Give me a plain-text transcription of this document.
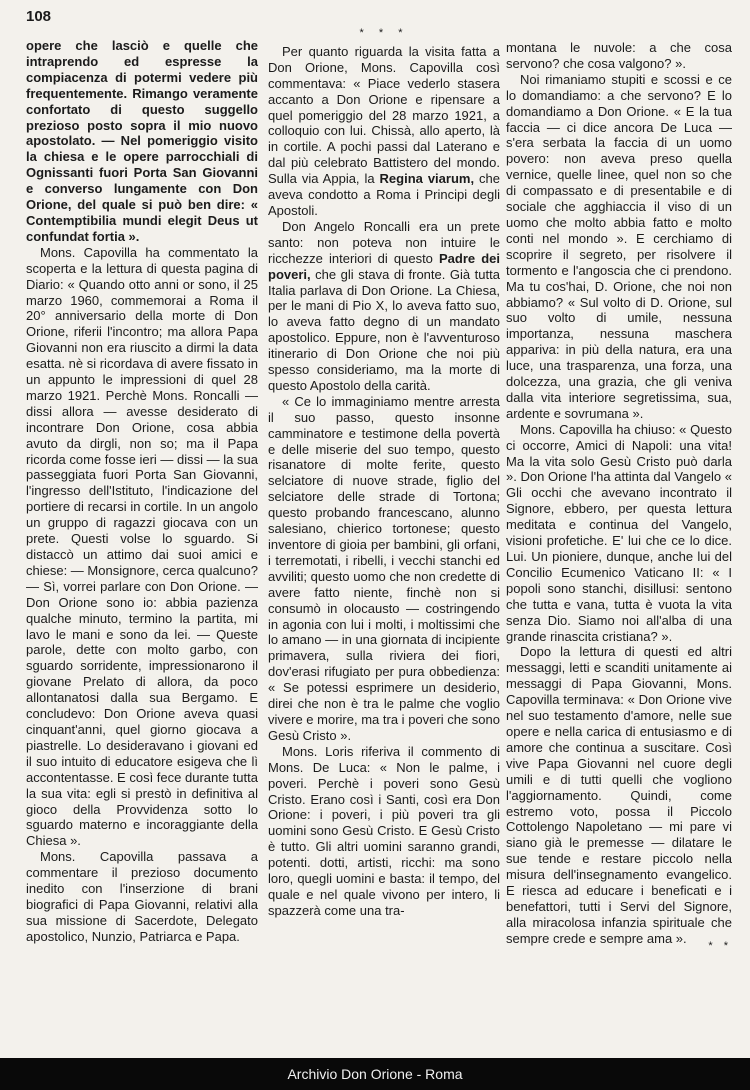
108

opere che lasciò e quelle che intraprendo ed espresse la compiacenza di potermi vedere più frequentemente. Rimango veramente confortato di questo suggello prezioso posto sopra il mio nuovo apostolato. — Nel pomeriggio visito la chiesa e le opere parrocchiali di Ognissanti fuori Porta San Giovanni e converso lungamente con Don Orione, del quale si può ben dire: « Contemptibilia mundi elegit Deus ut confundat fortia ».

Mons. Capovilla ha commentato la scoperta e la lettura di questa pagina di Diario: « Quando otto anni or sono, il 25 marzo 1960, commemorai a Roma il 20° anniversario della morte di Don Orione, riferii l'incontro; ma allora Papa Giovanni non era riuscito a dirmi la data esatta. nè si ricordava di avere fissato in un appunto le impressioni di quel 28 marzo 1921. Perchè Mons. Roncalli — dissi allora — avesse desiderato di incontrare Don Orione, cosa abbia avuto da dirgli, non so; ma il Papa ricorda come fosse ieri — dissi — la sua passeggiata fuori Porta San Giovanni, l'ingresso dell'Istituto, l'indicazione del portiere di recarsi in cortile. In un angolo un gruppo di ragazzi giocava con un prete. Questi volse lo sguardo. Si distaccò un attimo dai suoi amici e chiese: — Monsignore, cerca qualcuno? — Sì, vorrei parlare con Don Orione. — Don Orione sono io: abbia pazienza qualche minuto, termino la partita, mi lavo le mani e sono da lei. — Queste parole, dette con molto garbo, con sguardo sorridente, impressionarono il giovane Prelato di allora, da poco allontanatosi dalla sua Bergamo. E concludevo: Don Orione aveva quasi cinquant'anni, quel giorno giocava a piastrelle. Lo desideravano i giovani ed il suo intuito di educatore esigeva che lì accontentasse. E così fece durante tutta la sua vita: egli si prestò in definitiva al gioco della Provvidenza sotto lo sguardo materno e incoraggiante della Chiesa ».

Mons. Capovilla passava a commentare il prezioso documento inedito con l'inserzione di brani biografici di Papa Giovanni, relativi alla sua missione di Sacerdote, Delegato apostolico, Nunzio, Patriarca e Papa.

* * *

Per quanto riguarda la visita fatta a Don Orione, Mons. Capovilla così commentava: « Piace vederlo stasera accanto a Don Orione e ripensare a quel pomeriggio del 28 marzo 1921, a colloquio con lui. Chissà, allo aperto, là in cortile. A pochi passi dal Laterano e dal più celebrato Battistero del mondo. Sulla via Appia, la Regina viarum, che aveva condotto a Roma i Principi degli Apostoli.

Don Angelo Roncalli era un prete santo: non poteva non intuire le ricchezze interiori di questo Padre dei poveri, che gli stava di fronte. Già tutta Italia parlava di Don Orione. La Chiesa, per le mani di Pio X, lo aveva fatto suo, lo aveva fatto degno di un mandato apostolico. Eppure, non è l'avventuroso itinerario di Don Orione che noi più spesso consideriamo, ma la morte di questo Apostolo della carità.

« Ce lo immaginiamo mentre arresta il suo passo, questo insonne camminatore e testimone della povertà e delle miserie del suo tempo, questo risanatore di molte ferite, questo selciatore di nuove strade, figlio del selciatore delle strade di Tortona; questo probando francescano, alunno salesiano, chierico tortonese; questo inventore di gioia per bambini, gli orfani, i terremotati, i ribelli, i vecchi stanchi ed avviliti; questo uomo che non credette di avere fatto niente, finchè non si consumò in olocausto — costringendo in agonia con lui i molti, i moltissimi che lo amano — in una giornata di incipiente primavera, sulla riviera dei fiori, dov'erasi rifugiato per pura obbedienza: « Se potessi esprimere un desiderio, direi che non è tra le palme che voglio vivere e morire, ma tra i poveri che sono Gesù Cristo ».

Mons. Loris riferiva il commento di Mons. De Luca: « Non le palme, i poveri. Perchè i poveri sono Gesù Cristo. Erano così i Santi, così era Don Orione: i poveri, i più poveri tra gli uomini sono Gesù Cristo. E Gesù Cristo è tutto. Gli altri uomini saranno grandi, potenti. dotti, artisti, ricchi: ma sono loro, quegli uomini e basta: il tempo, del quale e nel quale vivono per intero, li spazzerà come una tra-

montana le nuvole: a che cosa servono? che cosa valgono? ».

Noi rimaniamo stupiti e scossi e ce lo domandiamo: a che servono? E lo domandiamo a Don Orione. « E la tua faccia — ci dice ancora De Luca — s'era serbata la faccia di un uomo povero: non aveva preso quella vernice, quelle linee, quel non so che di compassato e di presentabile e di sociale che agghiaccia il viso di un uomo che molto abbia fatto e molto conti nel mondo ». E cerchiamo di scoprire il segreto, per risolvere il tormento e l'angoscia che ci prendono. Ma tu cos'hai, D. Orione, che noi non abbiamo? « Sul volto di D. Orione, sul suo volto di umile, nessuna importanza, nessuna maschera appariva: in più della natura, era una luce, una trasparenza, una forza, una dolcezza, una grazia, che gli veniva dalla vita interiore segretissima, sua, ardente e sovrumana ».

Mons. Capovilla ha chiuso: « Questo ci occorre, Amici di Napoli: una vita! Ma la vita solo Gesù Cristo può darla ». Don Orione l'ha attinta dal Vangelo « Gli occhi che avevano incontrato il Signore, ebbero, per questa lettura meditata e continua del Vangelo, visioni profetiche. E' lui che ce lo dice. Lui. Un pioniere, dunque, anche lui del Concilio Ecumenico Vaticano II: « I popoli sono stanchi, disillusi: sentono che tutta e vana, tutta è vuota la vita senza Dio. Siamo noi all'alba di una grande rinascita cristiana? ».

Dopo la lettura di questi ed altri messaggi, letti e scanditi unitamente ai messaggi di Papa Giovanni, Mons. Capovilla terminava: « Don Orione vive nel suo testamento d'amore, nelle sue opere e nella carica di entusiasmo e di amore che continua a suscitare. Così vive Papa Giovanni nel cuore degli umili e di tutti quelli che vogliono l'aggiornamento. Quindi, come estremo voto, possa il Piccolo Cottolengo Napoletano — mi pare vi siano già le premesse — dilatare le sue tende e restare piccolo nella misura dell'insegnamento evangelico. E riesca ad educare i beneficati e i benefattori, tutti i Servi del Signore, alla miracolosa infanzia spirituale che sempre crede e sempre ama ».	* *
Archivio Don Orione - Roma
